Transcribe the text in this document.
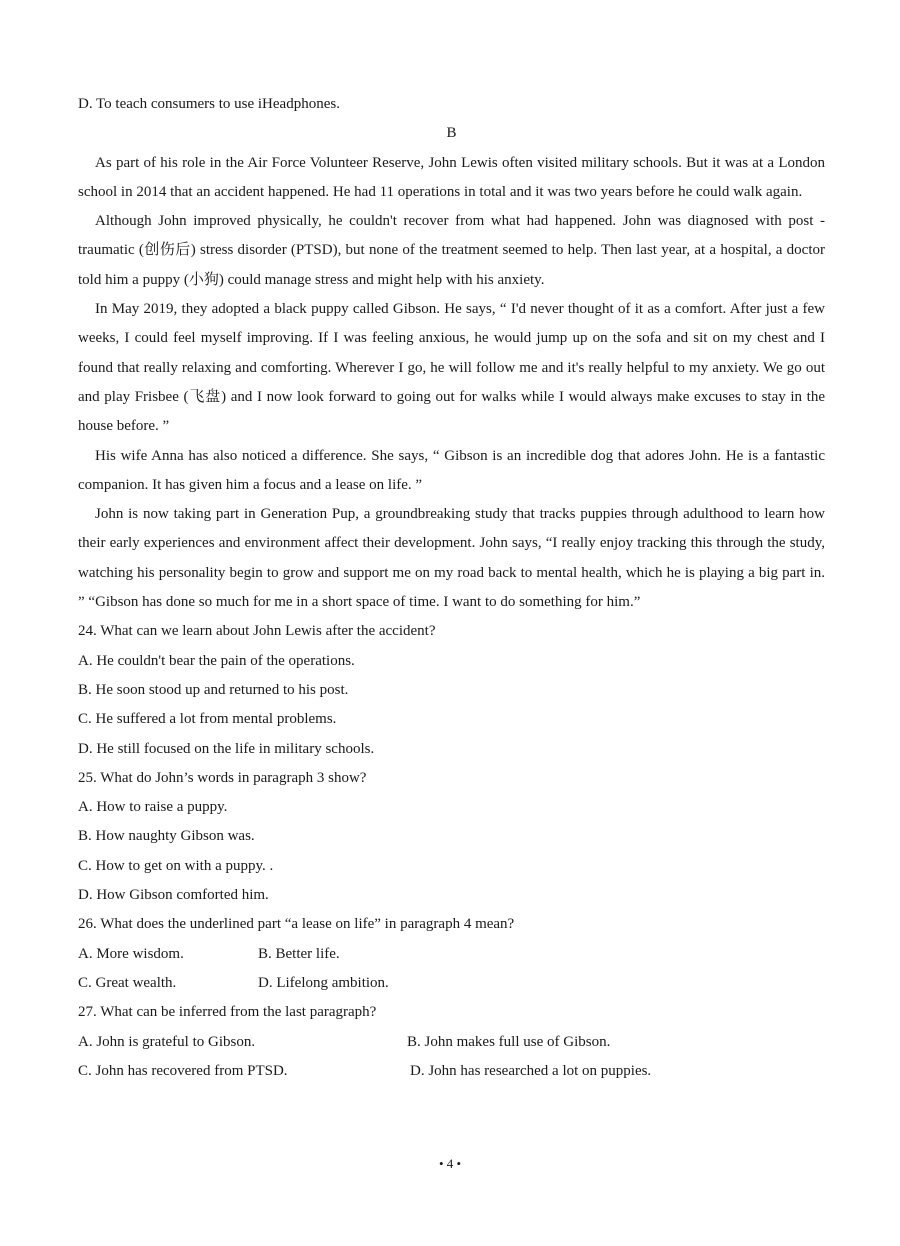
D. To teach consumers to use iHeadphones.

B

As part of his role in the Air Force Volunteer Reserve, John Lewis often visited military schools. But it was at a London school in 2014 that an accident happened. He had 11 operations in total and it was two years before he could walk again.

Although John improved physically, he couldn't recover from what had happened. John was diagnosed with post -traumatic (创伤后) stress disorder (PTSD), but none of the treatment seemed to help. Then last year, at a hospital, a doctor told him a puppy (小狗) could manage stress and might help with his anxiety.

In May 2019, they adopted a black puppy called Gibson. He says, “ I'd never thought of it as a comfort. After just a few weeks, I could feel myself improving. If I was feeling anxious, he would jump up on the sofa and sit on my chest and I found that really relaxing and comforting. Wherever I go, he will follow me and it's really helpful to my anxiety. We go out and play Frisbee (飞盘) and I now look forward to going out for walks while I would always make excuses to stay in the house before. ”

His wife Anna has also noticed a difference. She says, “ Gibson is an incredible dog that adores John. He is a fantastic companion. It has given him a focus and a lease on life. ”

John is now taking part in Generation Pup, a groundbreaking study that tracks puppies through adulthood to learn how their early experiences and environment affect their development. John says, “I really enjoy tracking this through the study, watching his personality begin to grow and support me on my road back to mental health, which he is playing a big part in. ” “Gibson has done so much for me in a short space of time. I want to do something for him.”

24. What can we learn about John Lewis after the accident?

A. He couldn't bear the pain of the operations.

B. He soon stood up and returned to his post.

C. He suffered a lot from mental problems.

D. He still focused on the life in military schools.

25. What do John’s words in paragraph 3 show?

A. How to raise a puppy.

B. How naughty Gibson was.

C. How to get on with a puppy. .

D. How Gibson comforted him.

26. What does the underlined part “a lease on life” in paragraph 4 mean?

A. More wisdom.	B. Better life.
C. Great wealth.	D. Lifelong ambition.

27. What can be inferred from the last paragraph?

A. John is grateful to Gibson.	B. John makes full use of Gibson.
C. John has recovered from PTSD.	D. John has researched a lot on puppies.
• 4 •
